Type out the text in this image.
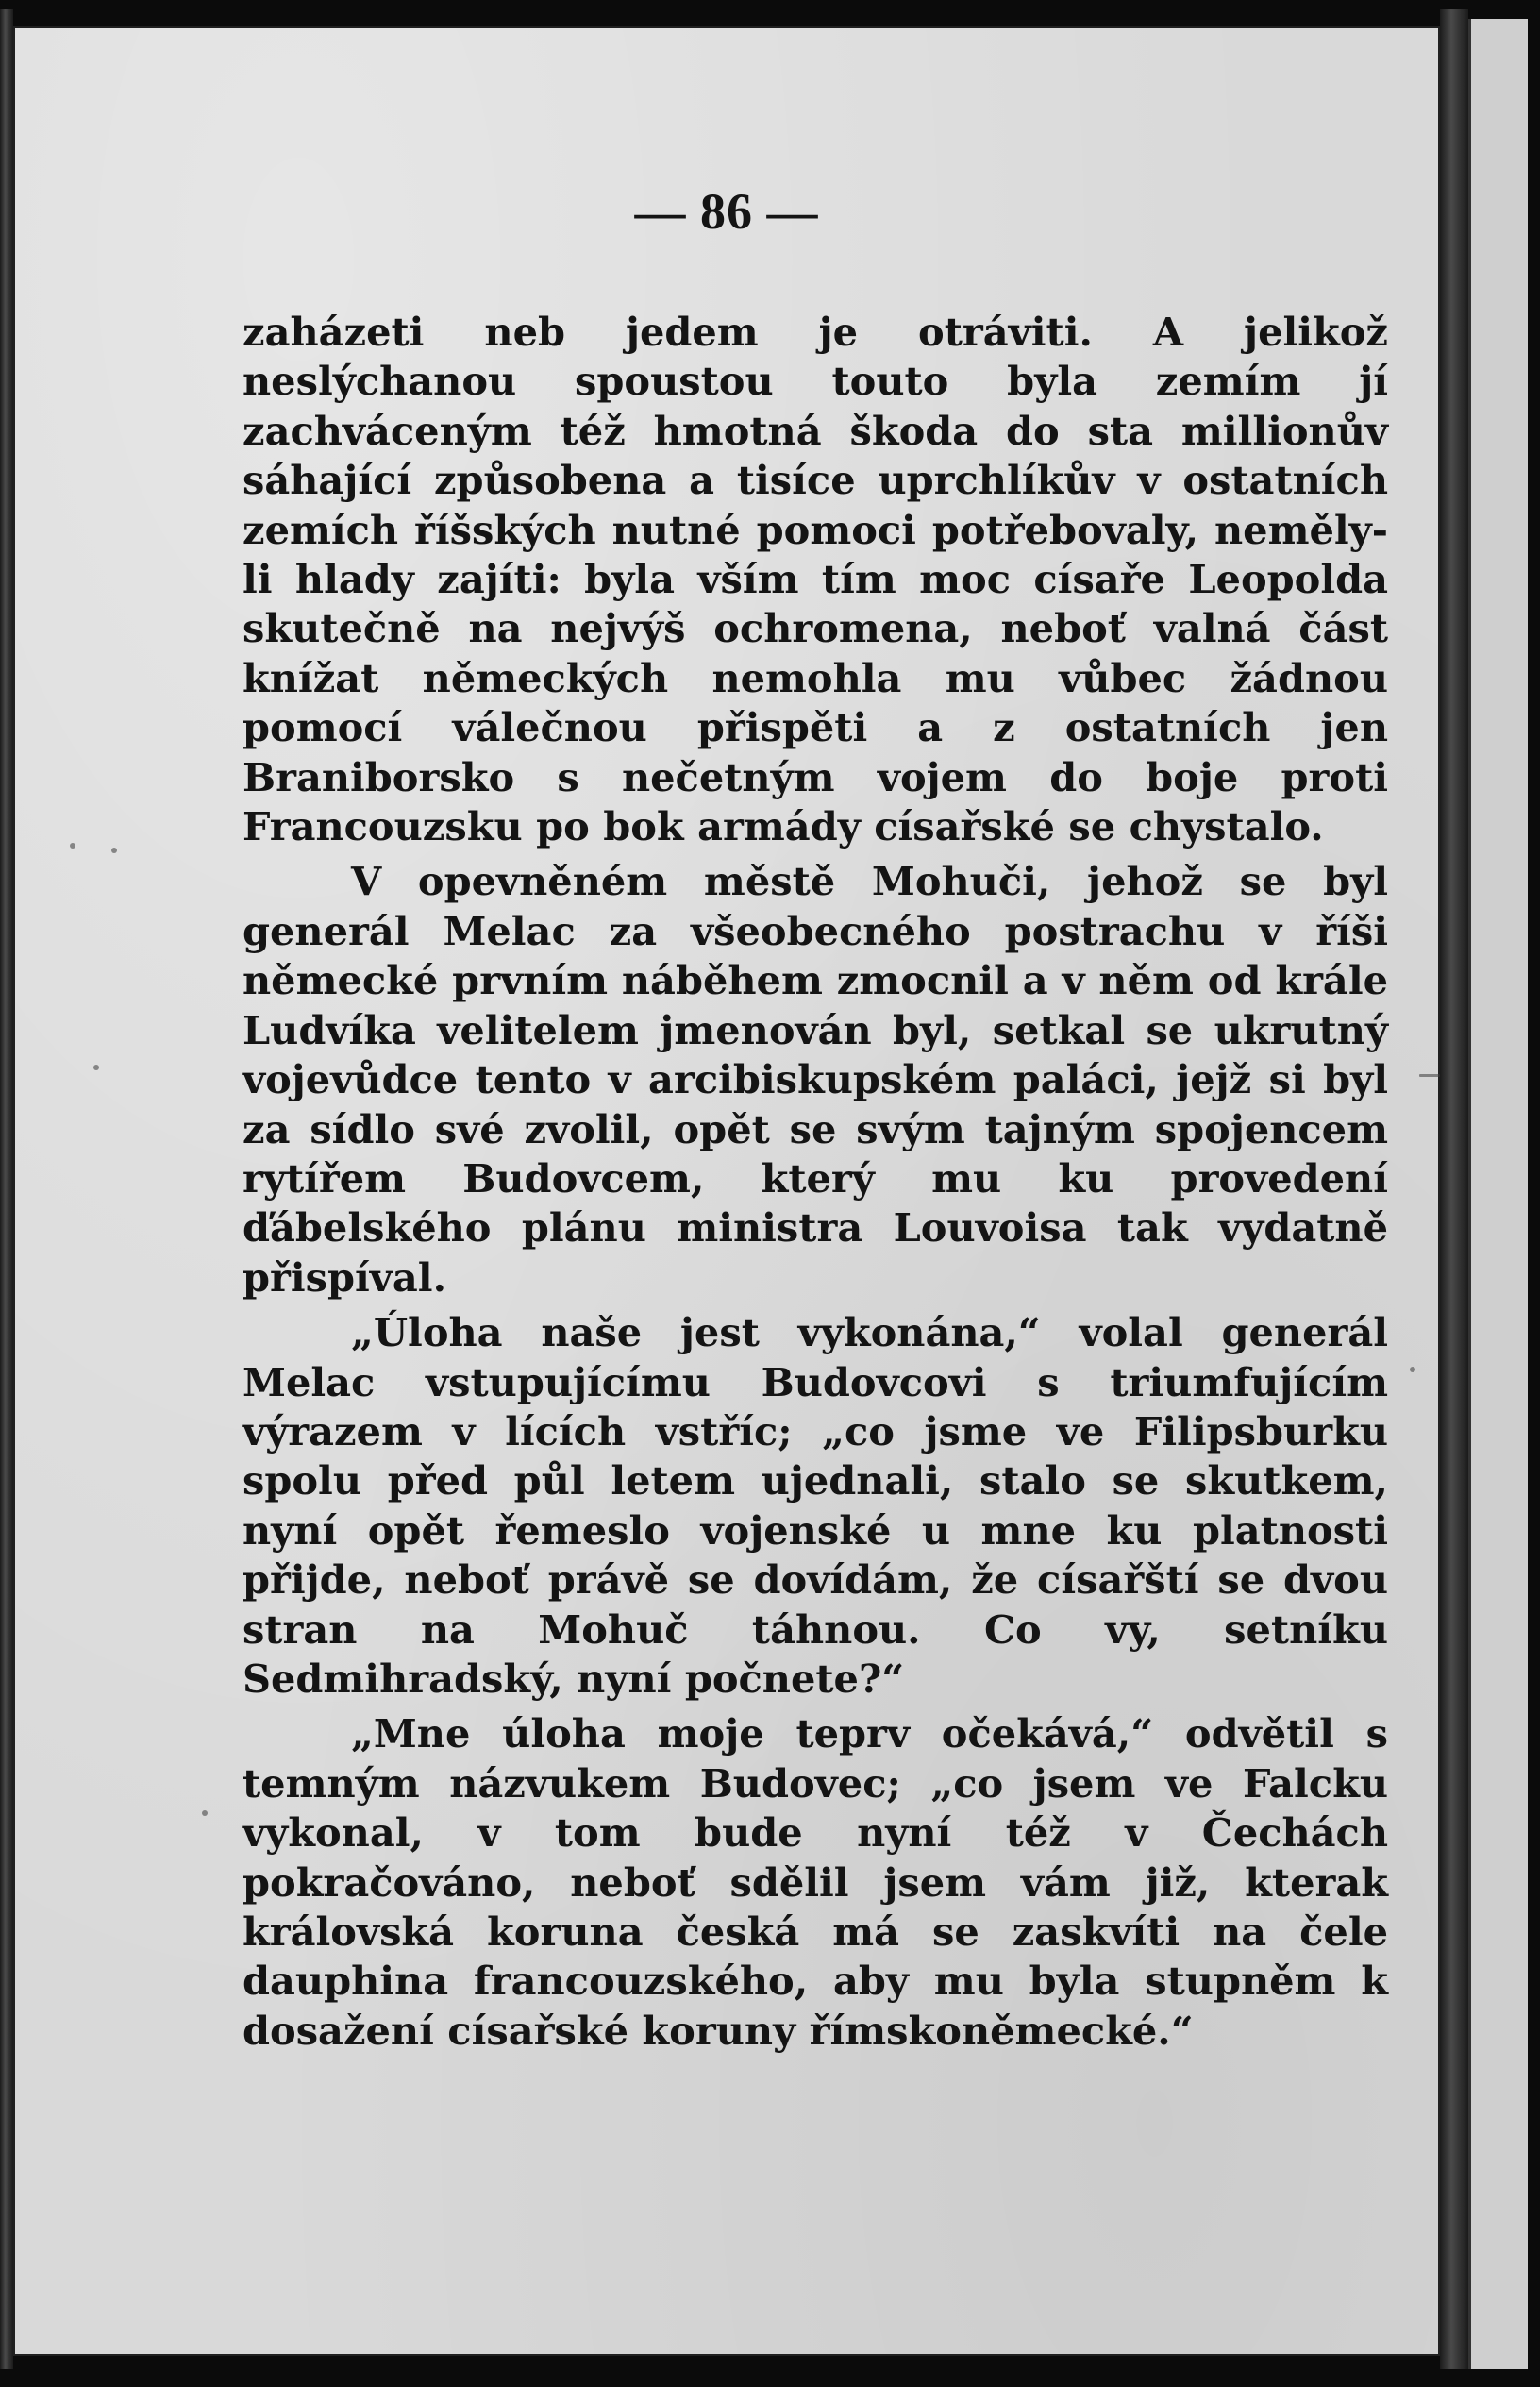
— 86 —

zaházeti neb jedem je otráviti. A jelikož neslýchanou spoustou touto byla zemím jí zachváceným též hmotná škoda do sta millionův sáhající způsobena a tisíce uprchlíkův v ostatních zemích říšských nutné pomoci potřebovaly, neměly-li hlady zajíti: byla vším tím moc císaře Leopolda skutečně na nejvýš ochromena, neboť valná část knížat německých nemohla mu vůbec žádnou pomocí válečnou přispěti a z ostatních jen Braniborsko s nečetným vojem do boje proti Francouzsku po bok armády císařské se chystalo.

V opevněném městě Mohuči, jehož se byl generál Melac za všeobecného postrachu v říši německé prvním náběhem zmocnil a v něm od krále Ludvíka velitelem jmenován byl, setkal se ukrutný vojevůdce tento v arcibiskupském paláci, jejž si byl za sídlo své zvolil, opět se svým tajným spojencem rytířem Budovcem, který mu ku provedení ďábelského plánu ministra Louvoisa tak vydatně přispíval.

„Úloha naše jest vykonána,“ volal generál Melac vstupujícímu Budovcovi s triumfujícím výrazem v lících vstříc; „co jsme ve Filipsburku spolu před půl letem ujednali, stalo se skutkem, nyní opět řemeslo vojenské u mne ku platnosti přijde, neboť právě se dovídám, že císařští se dvou stran na Mohuč táhnou. Co vy, setníku Sedmihradský, nyní počnete?“

„Mne úloha moje teprv očekává,“ odvětil s temným názvukem Budovec; „co jsem ve Falcku vykonal, v tom bude nyní též v Čechách pokračováno, neboť sdělil jsem vám již, kterak královská koruna česká má se zaskvíti na čele dauphina francouzského, aby mu byla stupněm k dosažení císařské koruny římskoněmecké.“
